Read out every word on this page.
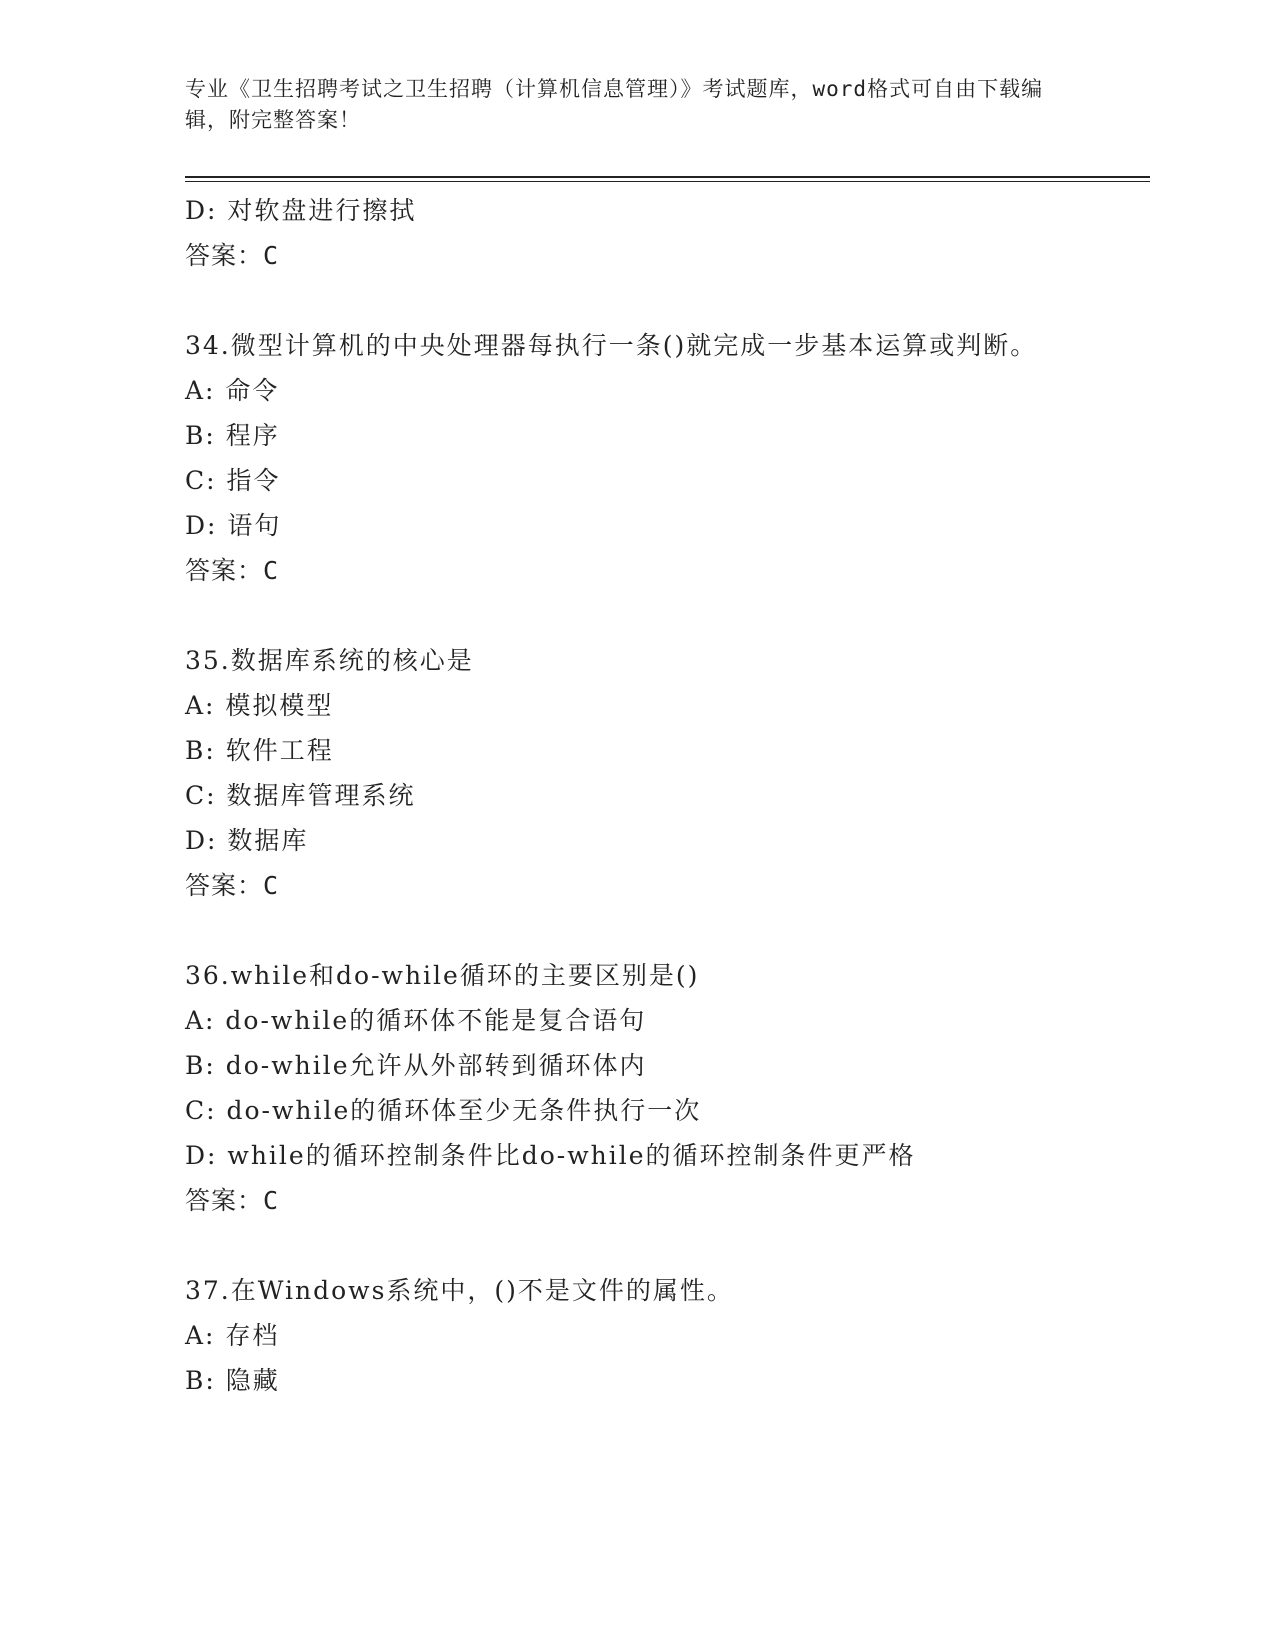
专业《卫生招聘考试之卫生招聘（计算机信息管理）》考试题库，word格式可自由下载编辑，附完整答案！
D: 对软盘进行擦拭
答案：C
34.微型计算机的中央处理器每执行一条()就完成一步基本运算或判断。
A: 命令
B: 程序
C: 指令
D: 语句
答案：C
35.数据库系统的核心是
A: 模拟模型
B: 软件工程
C: 数据库管理系统
D: 数据库
答案：C
36.while和do-while循环的主要区别是()
A: do-while的循环体不能是复合语句
B: do-while允许从外部转到循环体内
C: do-while的循环体至少无条件执行一次
D: while的循环控制条件比do-while的循环控制条件更严格
答案：C
37.在Windows系统中，()不是文件的属性。
A: 存档
B: 隐藏
